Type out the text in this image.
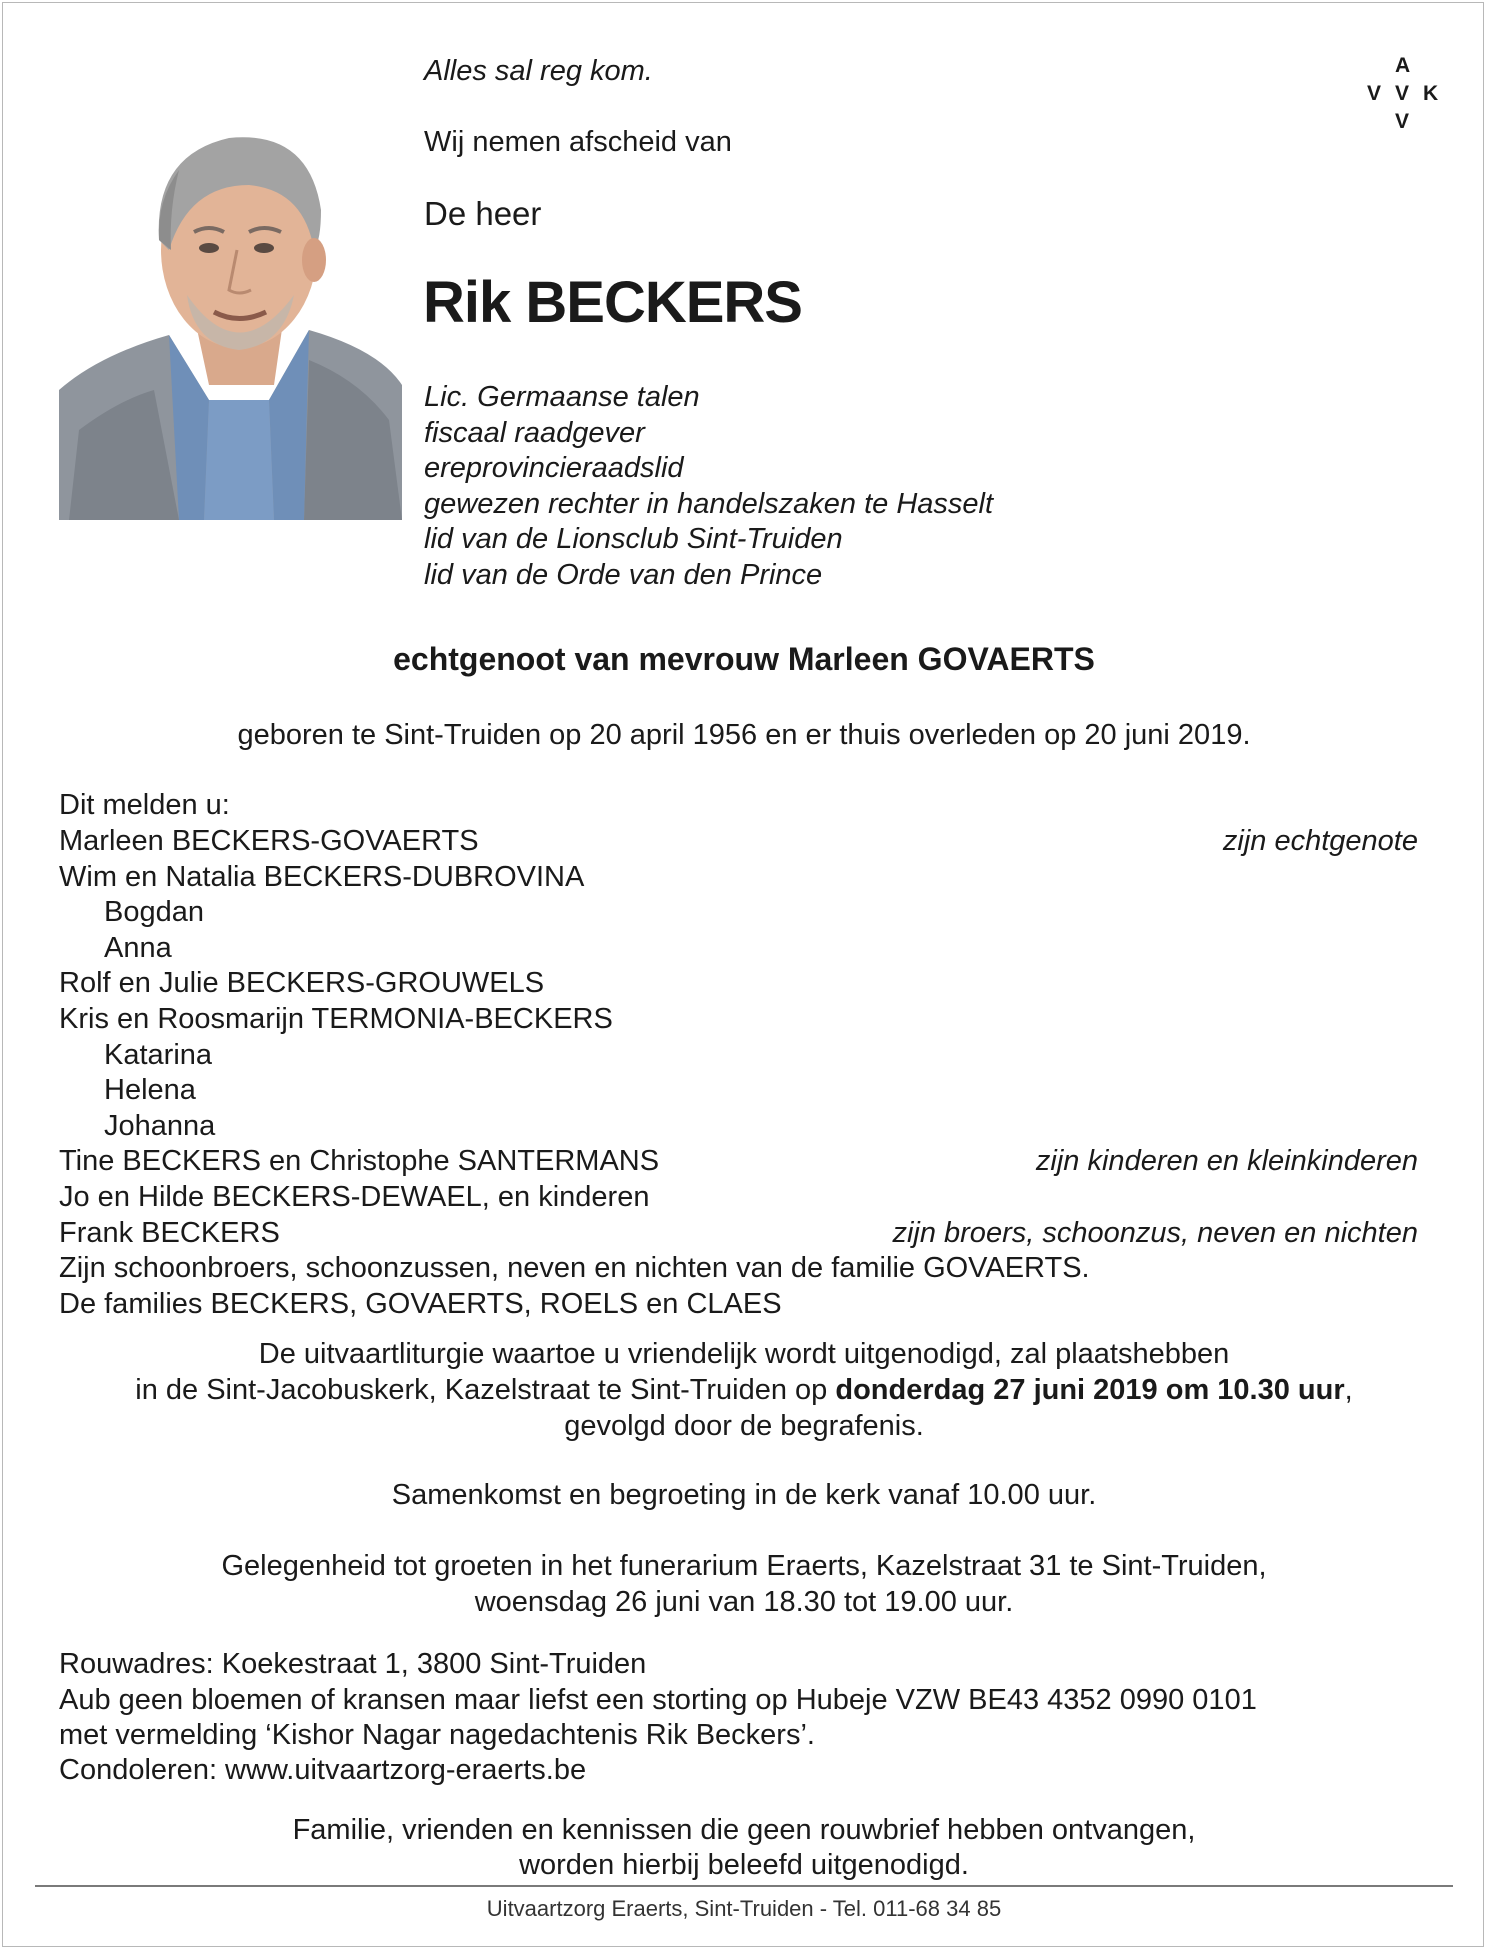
Alles sal reg kom.
Wij nemen afscheid van
De heer
Rik BECKERS
A
V V K
V
Lic. Germaanse talen
fiscaal raadgever
ereprovincieraadslid
gewezen rechter in handelszaken te Hasselt
lid van de Lionsclub Sint-Truiden
lid van de Orde van den Prince
echtgenoot van mevrouw Marleen GOVAERTS
geboren te Sint-Truiden op 20 april 1956 en er thuis overleden op 20 juni 2019.
Dit melden u:
Marleen BECKERS-GOVAERTS	zijn echtgenote
Wim en Natalia BECKERS-DUBROVINA
Bogdan
Anna
Rolf en Julie BECKERS-GROUWELS
Kris en Roosmarijn TERMONIA-BECKERS
Katarina
Helena
Johanna
Tine BECKERS en Christophe SANTERMANS	zijn kinderen en kleinkinderen
Jo en Hilde BECKERS-DEWAEL, en kinderen
Frank BECKERS	zijn broers, schoonzus, neven en nichten
Zijn schoonbroers, schoonzussen, neven en nichten van de familie GOVAERTS.
De families BECKERS, GOVAERTS, ROELS en CLAES
De uitvaartliturgie waartoe u vriendelijk wordt uitgenodigd, zal plaatshebben
in de Sint-Jacobuskerk, Kazelstraat te Sint-Truiden op donderdag 27 juni 2019 om 10.30 uur,
gevolgd door de begrafenis.
Samenkomst en begroeting in de kerk vanaf 10.00 uur.
Gelegenheid tot groeten in het funerarium Eraerts, Kazelstraat 31 te Sint-Truiden,
woensdag 26 juni van 18.30 tot 19.00 uur.
Rouwadres: Koekestraat 1, 3800 Sint-Truiden
Aub geen bloemen of kransen maar liefst een storting op Hubeje VZW BE43 4352 0990 0101
met vermelding ‘Kishor Nagar nagedachtenis Rik Beckers’.
Condoleren: www.uitvaartzorg-eraerts.be
Familie, vrienden en kennissen die geen rouwbrief hebben ontvangen,
worden hierbij beleefd uitgenodigd.
Uitvaartzorg Eraerts, Sint-Truiden - Tel. 011-68 34 85
